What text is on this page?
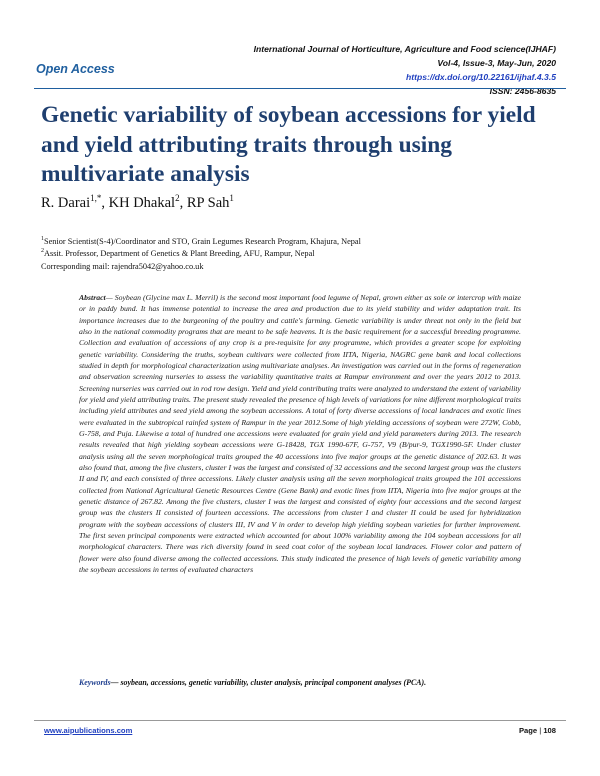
International Journal of Horticulture, Agriculture and Food science(IJHAF)
Vol-4, Issue-3, May-Jun, 2020
https://dx.doi.org/10.22161/ijhaf.4.3.5
ISSN: 2456-8635
Open Access
Genetic variability of soybean accessions for yield and yield attributing traits through using multivariate analysis
R. Darai$^{1,*}$, KH Dhakal$^2$, RP Sah$^1$
$^1$Senior Scientist(S-4)/Coordinator and STO, Grain Legumes Research Program, Khajura, Nepal
$^2$Assit. Professor, Department of Genetics & Plant Breeding, AFU, Rampur, Nepal
Corresponding mail: rajendra5042@yahoo.co.uk

Abstract— Soybean (Glycine max L. Merril) is the second most important food legume of Nepal, grown either as sole or intercrop with maize or in paddy bund. It has immense potential to increase the area and production due to its yield stability and wider adaptation trait. Its importance increases due to the burgeoning of the poultry and cattle's farming. Genetic variability is under threat not only in the field but also in the national commodity programs that are meant to be safe heavens. It is the basic requirement for a successful breeding programme. Collection and evaluation of accessions of any crop is a pre-requisite for any programme, which provides a greater scope for exploiting genetic variability. Considering the truths, soybean cultivars were collected from IITA, Nigeria, NAGRC gene bank and local collections studied in depth for morphological characterization using multivariate analyses. An investigation was carried out in the forms of regeneration and observation screening nurseries to assess the variability quantitative traits at Rampur environment and over the years 2012 to 2013. Screening nurseries was carried out in rod row design. Yield and yield contributing traits were analyzed to understand the extent of variability for yield and yield attributing traits. The present study revealed the presence of high levels of variations for nine different morphological traits including yield attributes and seed yield among the soybean accessions. A total of forty diverse accessions of local landraces and exotic lines were evaluated in the subtropical rainfed system of Rampur in the year 2012.Some of high yielding accessions of soybean were 272W, Cobb, G-758, and Puja. Likewise a total of hundred one accessions were evaluated for grain yield and yield parameters during 2013. The research results revealed that high yielding soybean accessions were G-18428, TGX 1990-67F, G-757, V9 (B/pur-9, TGX1990-5F. Under cluster analysis using all the seven morphological traits grouped the 40 accessions into five major groups at the genetic distance of 202.63. It was also found that, among the five clusters, cluster I was the largest and consisted of 32 accessions and the second largest group was the clusters II and IV, and each consisted of three accessions. Likely cluster analysis using all the seven morphological traits grouped the 101 accessions collected from National Agricultural Genetic Resources Centre (Gene Bank) and exotic lines from IITA, Nigeria into five major groups at the genetic distance of 267.82. Among the five clusters, cluster I was the largest and consisted of eighty four accessions and the second largest group was the clusters II consisted of fourteen accessions. The accessions from cluster I and cluster II could be used for hybridization program with the soybean accessions of clusters III, IV and V in order to develop high yielding soybean varieties for further improvement. The first seven principal components were extracted which accounted for about 100% variability among the 104 soybean accessions for all morphological characters. There was rich diversity found in seed coat color of the soybean local landraces. Flower color and pattern of flower were also found diverse among the collected accessions. This study indicated the presence of high levels of genetic variability among the soybean accessions in terms of evaluated characters

Keywords— soybean, accessions, genetic variability, cluster analysis, principal component analyses (PCA).
www.aipublications.com	Page | 108
